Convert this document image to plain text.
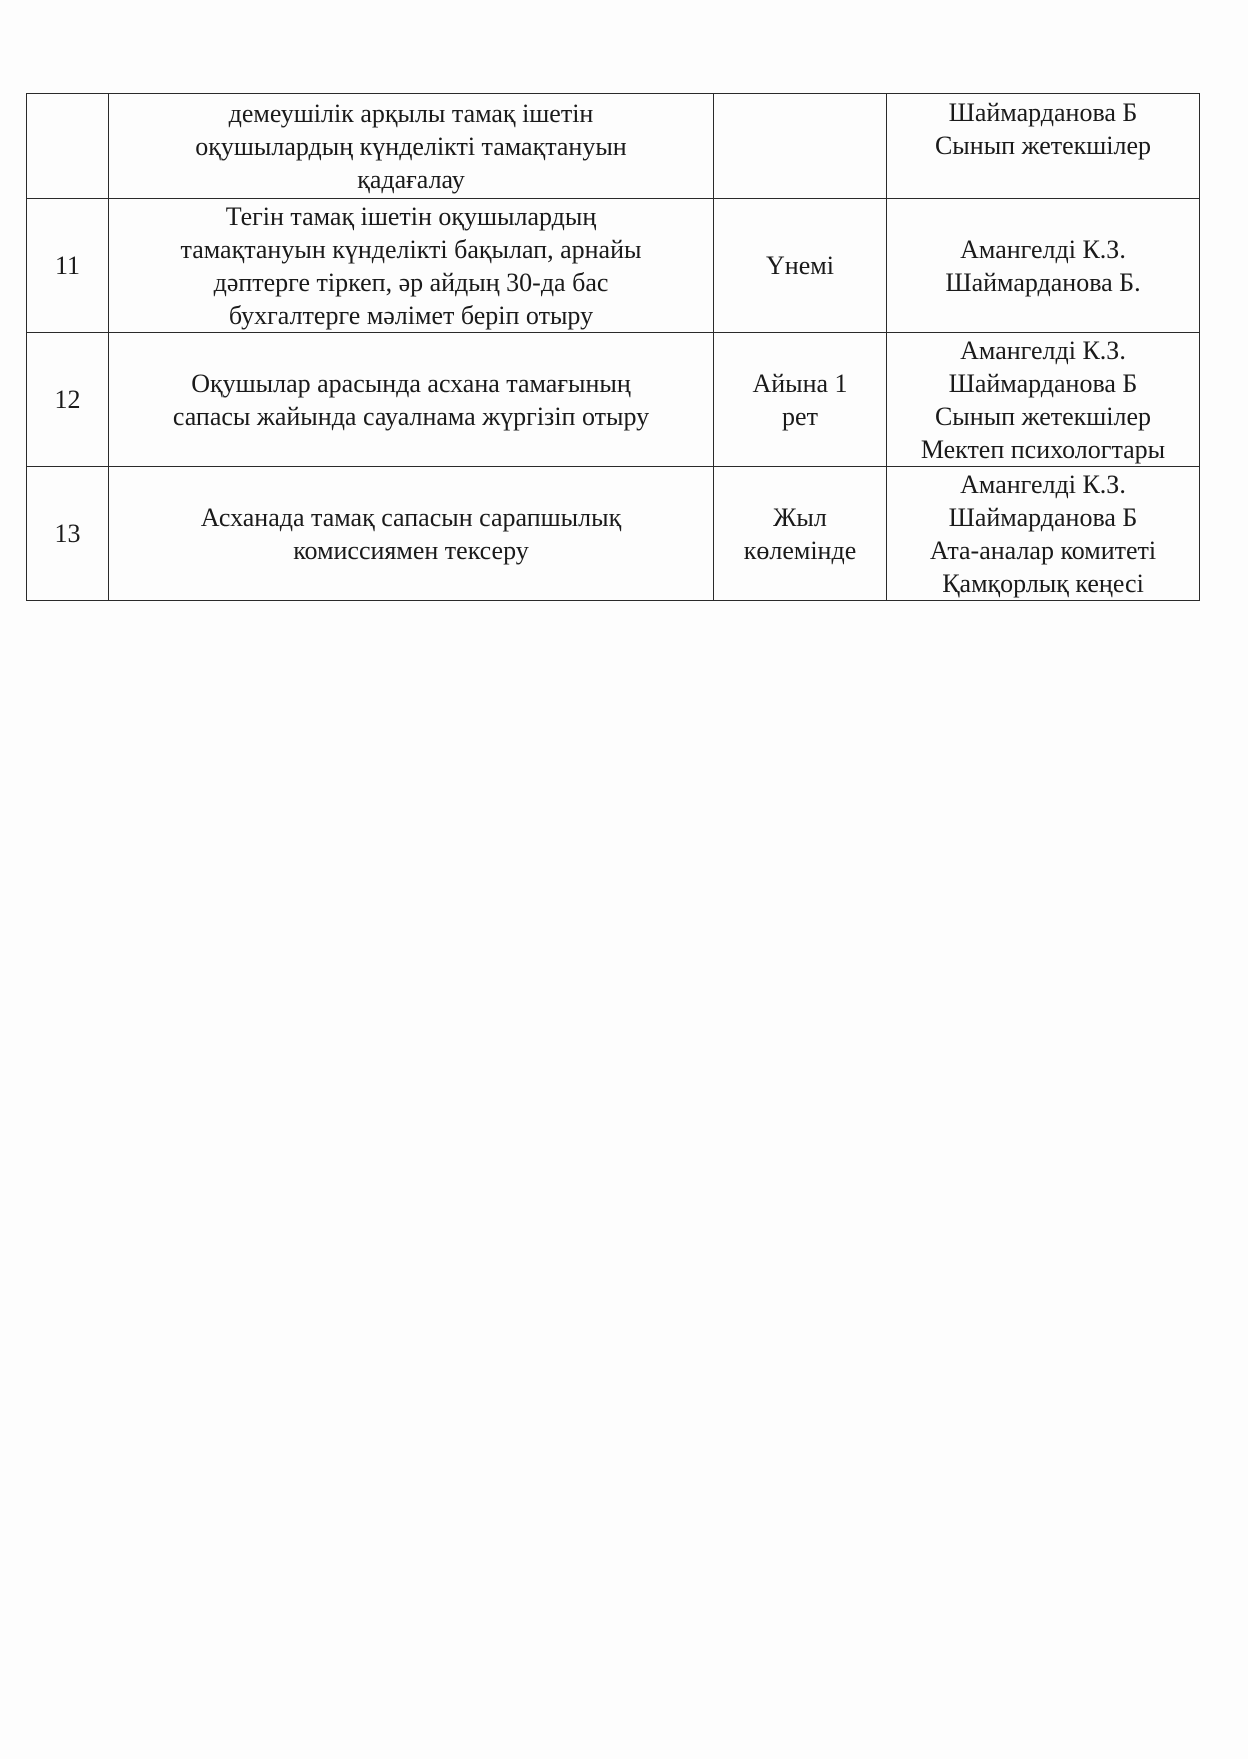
	демеушілік арқылы тамақ ішетін
оқушылардың күнделікті тамақтануын
қадағалау		Шаймарданова Б
Сынып жетекшілер

11	Тегін тамақ ішетін оқушылардың
тамақтануын күнделікті бақылап, арнайы
дәптерге тіркеп, әр айдың 30-да бас
бухгалтерге мәлімет беріп отыру	Үнемі	Амангелді К.З.
Шаймарданова Б.

12	Оқушылар арасында асхана тамағының
сапасы жайында сауалнама жүргізіп отыру	Айына 1
рет	Амангелді К.З.
Шаймарданова Б
Сынып жетекшілер
Мектеп психологтары

13	Асханада тамақ сапасын сарапшылық
комиссиямен тексеру	Жыл
көлемінде	Амангелді К.З.
Шаймарданова Б
Ата-аналар комитеті
Қамқорлық кеңесі
